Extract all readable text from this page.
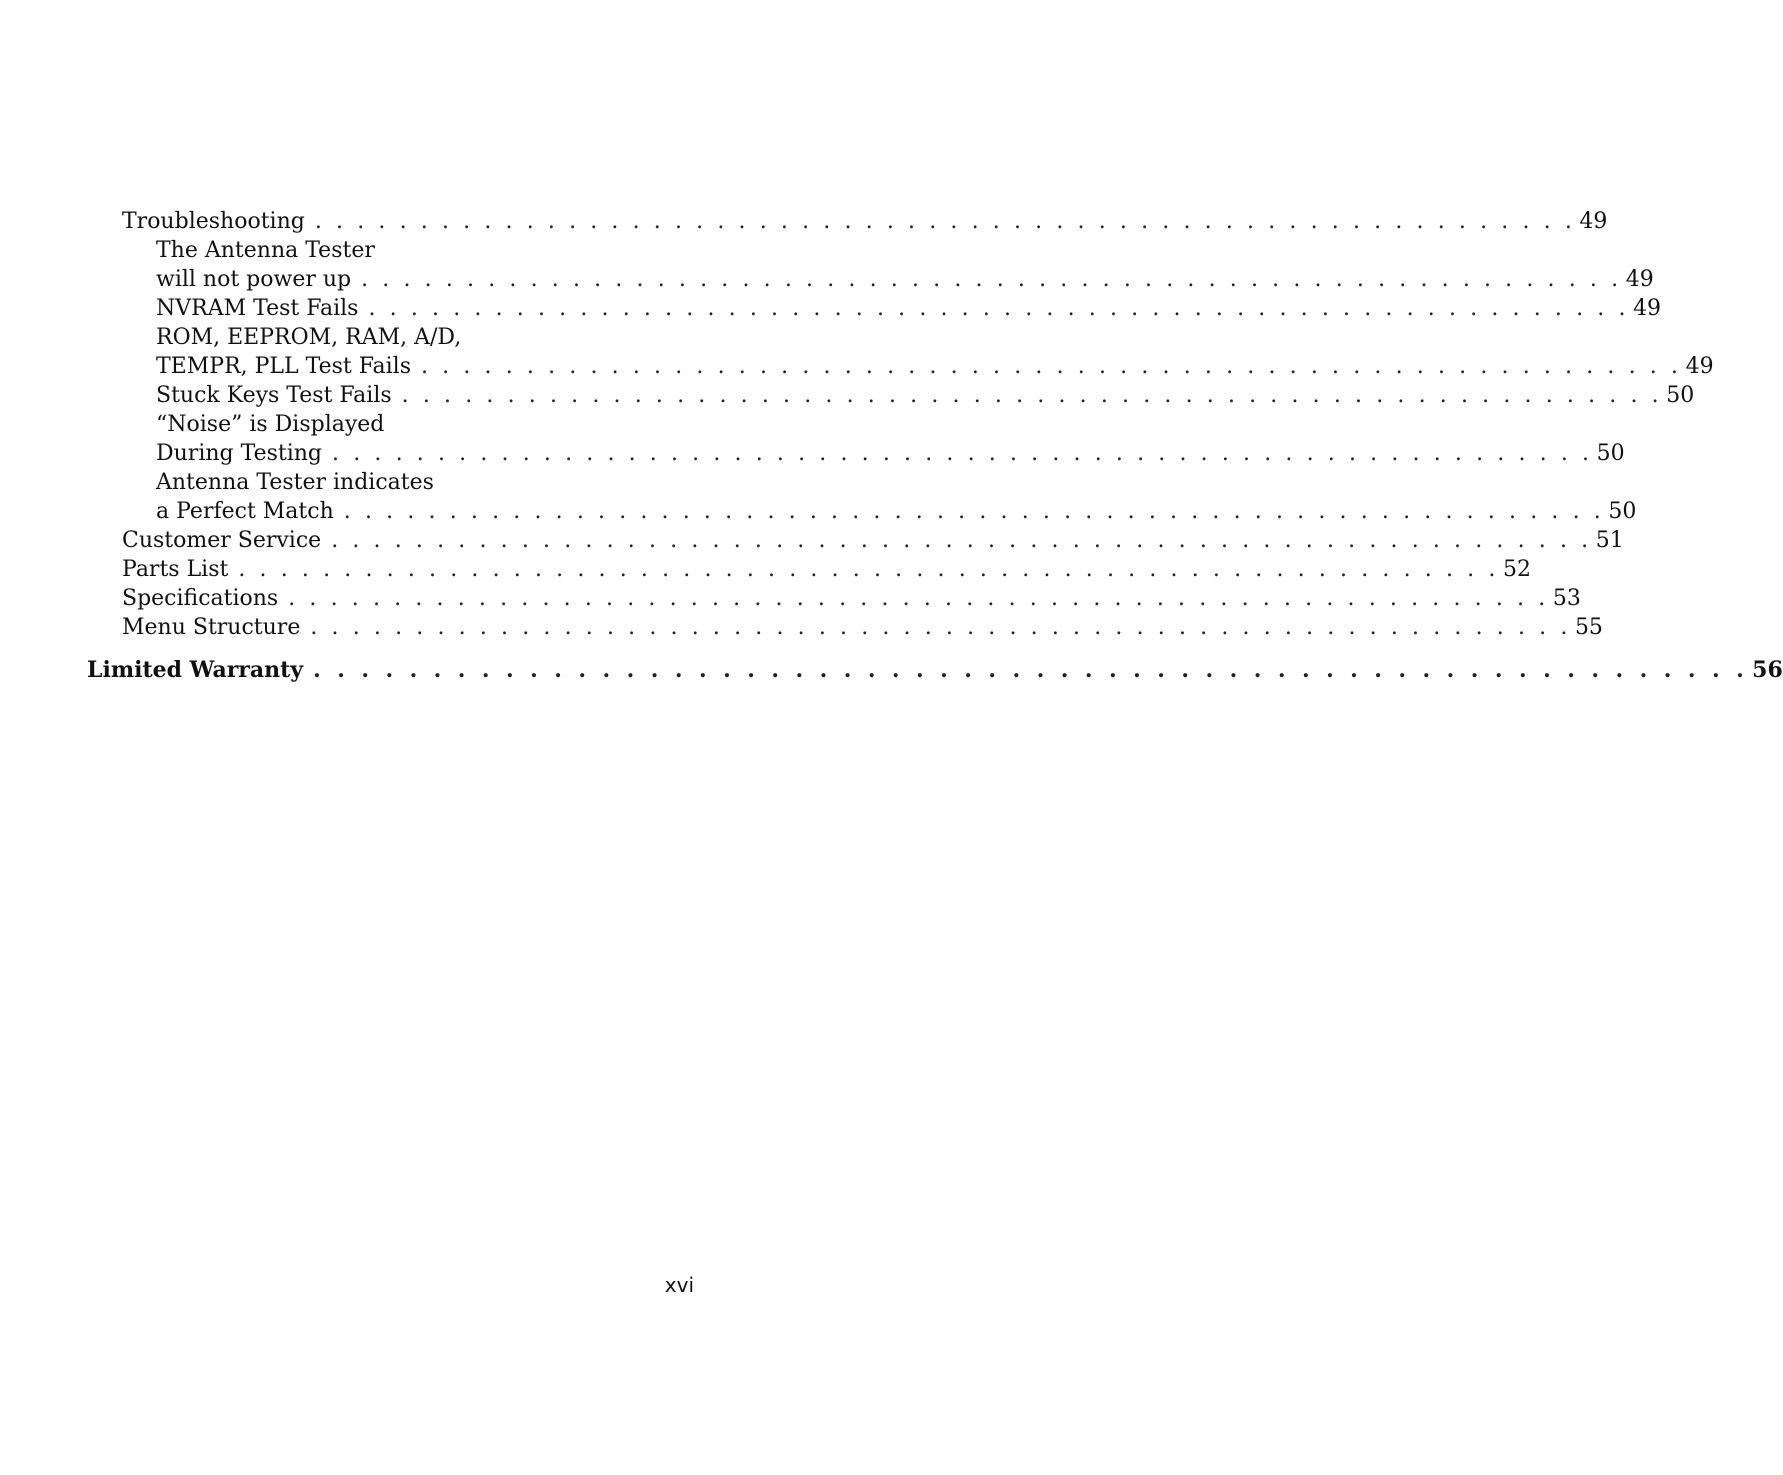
Troubleshooting . . . . . . . . . . . . . . . . . . . . . . . . . . . . . . . . . . . . . . . . . . . . . . . . . . . . . . . . . . . . 49
The Antenna Tester
will not power up . . . . . . . . . . . . . . . . . . . . . . . . . . . . . . . . . . . . . . . . . . . . . . . . . . . . . . . . . . . . 49
NVRAM Test Fails . . . . . . . . . . . . . . . . . . . . . . . . . . . . . . . . . . . . . . . . . . . . . . . . . . . . . . . . . . . . 49
ROM, EEPROM, RAM, A/D,
TEMPR, PLL Test Fails . . . . . . . . . . . . . . . . . . . . . . . . . . . . . . . . . . . . . . . . . . . . . . . . . . . . . . . . . . . . 49
Stuck Keys Test Fails . . . . . . . . . . . . . . . . . . . . . . . . . . . . . . . . . . . . . . . . . . . . . . . . . . . . . . . . . . . . 50
“Noise” is Displayed
During Testing . . . . . . . . . . . . . . . . . . . . . . . . . . . . . . . . . . . . . . . . . . . . . . . . . . . . . . . . . . . . 50
Antenna Tester indicates
a Perfect Match . . . . . . . . . . . . . . . . . . . . . . . . . . . . . . . . . . . . . . . . . . . . . . . . . . . . . . . . . . . . 50
Customer Service . . . . . . . . . . . . . . . . . . . . . . . . . . . . . . . . . . . . . . . . . . . . . . . . . . . . . . . . . . . . 51
Parts List . . . . . . . . . . . . . . . . . . . . . . . . . . . . . . . . . . . . . . . . . . . . . . . . . . . . . . . . . . . . 52
Specifications . . . . . . . . . . . . . . . . . . . . . . . . . . . . . . . . . . . . . . . . . . . . . . . . . . . . . . . . . . . . 53
Menu Structure . . . . . . . . . . . . . . . . . . . . . . . . . . . . . . . . . . . . . . . . . . . . . . . . . . . . . . . . . . . . 55
Limited Warranty . . . . . . . . . . . . . . . . . . . . . . . . . . . . . . . . . . . . . . . . . . . . . . . . . . . . . . . . . . . . 56
xvi
